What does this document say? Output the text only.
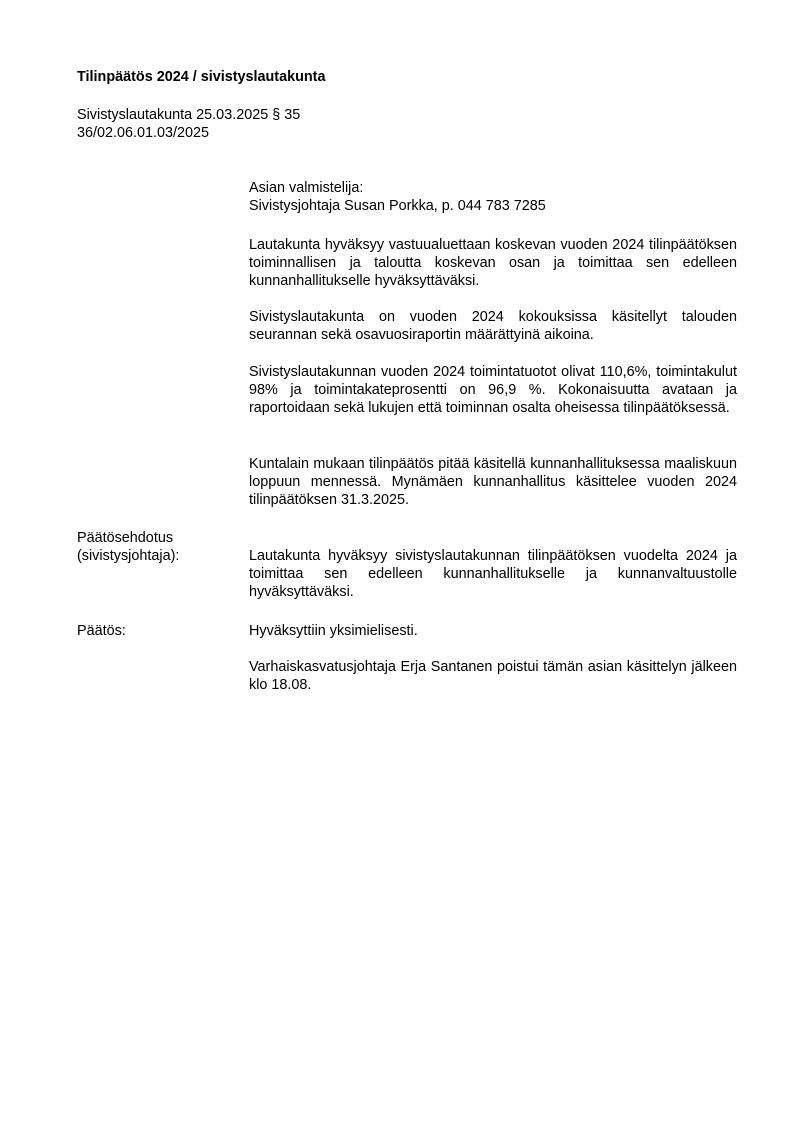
Tilinpäätös 2024 / sivistyslautakunta
Sivistyslautakunta 25.03.2025 § 35
36/02.06.01.03/2025
Asian valmistelija:
Sivistysjohtaja Susan Porkka, p. 044 783 7285
Lautakunta hyväksyy vastuualuettaan koskevan vuoden 2024 tilinpäätöksen toiminnallisen ja taloutta koskevan osan ja toimittaa sen edelleen kunnanhallitukselle hyväksyttäväksi.
Sivistyslautakunta on vuoden 2024 kokouksissa käsitellyt talouden seurannan sekä osavuosiraportin määrättyinä aikoina.
Sivistyslautakunnan vuoden 2024 toimintatuotot olivat 110,6%, toimintakulut 98% ja toimintakateprosentti on 96,9 %. Kokonaisuutta avataan ja raportoidaan sekä lukujen että toiminnan osalta oheisessa tilinpäätöksessä.
Kuntalain mukaan tilinpäätös pitää käsitellä kunnanhallituksessa maaliskuun loppuun mennessä. Mynämäen kunnanhallitus käsittelee vuoden 2024 tilinpäätöksen 31.3.2025.
Päätösehdotus
(sivistysjohtaja):	Lautakunta hyväksyy sivistyslautakunnan tilinpäätöksen vuodelta 2024 ja toimittaa sen edelleen kunnanhallitukselle ja kunnanvaltuustolle hyväksyttäväksi.
Päätös:	Hyväksyttiin yksimielisesti.
Varhaiskasvatusjohtaja Erja Santanen poistui tämän asian käsittelyn jälkeen klo 18.08.
